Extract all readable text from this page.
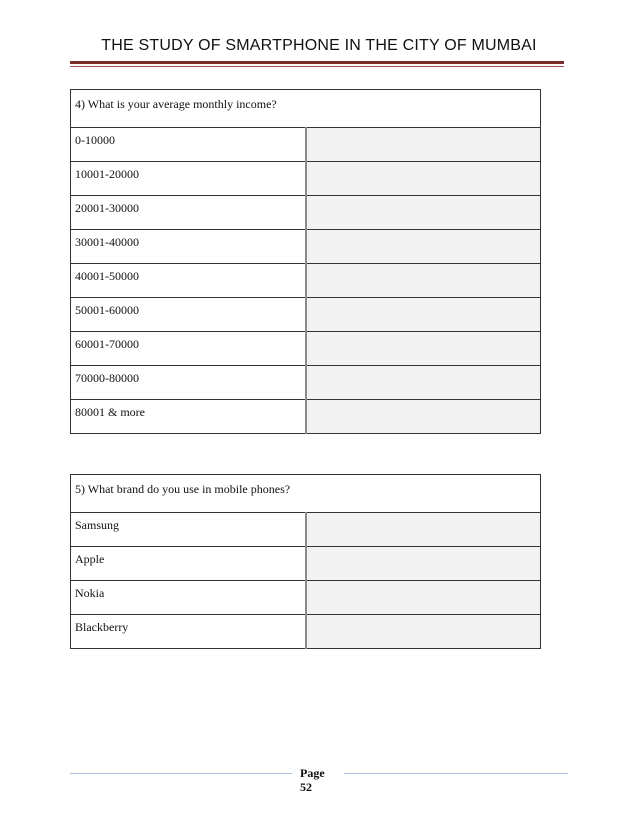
THE STUDY OF SMARTPHONE IN THE CITY OF MUMBAI
4) What is your average monthly income?	
0-10000	
10001-20000	
20001-30000	
30001-40000	
40001-50000	
50001-60000	
60001-70000	
70000-80000	
80001 & more	
5) What brand do you use in mobile phones?	
Samsung	
Apple	
Nokia	
Blackberry	
Page
52
